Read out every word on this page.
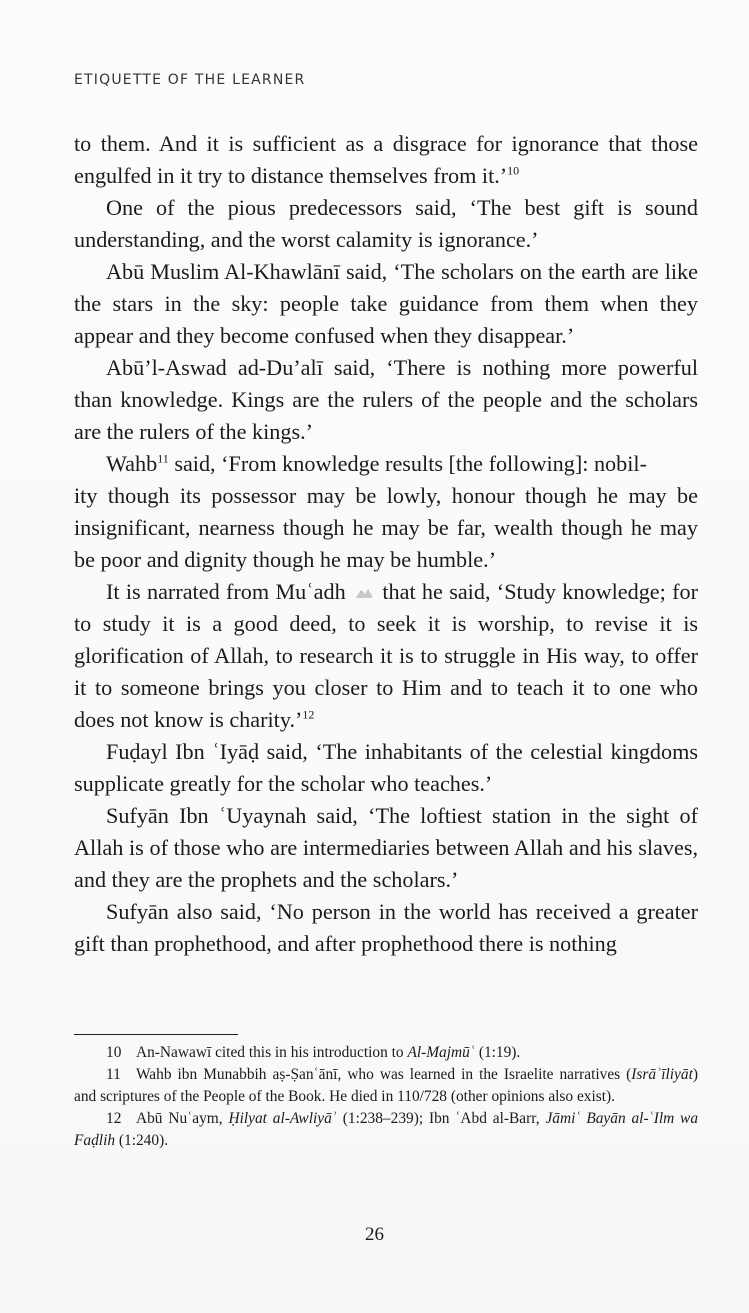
ETIQUETTE OF THE LEARNER

to them. And it is sufficient as a disgrace for ignorance that those engulfed in it try to distance themselves from it.’$^{10}$

One of the pious predecessors said, ‘The best gift is sound understanding, and the worst calamity is ignorance.’

Abū Muslim Al-Khawlānī said, ‘The scholars on the earth are like the stars in the sky: people take guidance from them when they appear and they become confused when they disappear.’

Abū’l-Aswad ad-Du’alī said, ‘There is nothing more powerful than knowledge. Kings are the rulers of the people and the scholars are the rulers of the kings.’

Wahb$^{11}$ said, ‘From knowledge results [the following]: nobil-
ity though its possessor may be lowly, honour though he may be insignificant, nearness though he may be far, wealth though he may be poor and dignity though he may be humble.’

It is narrated from Muʿadh that he said, ‘Study knowledge; for to study it is a good deed, to seek it is worship, to revise it is glorification of Allah, to research it is to struggle in His way, to offer it to someone brings you closer to Him and to teach it to one who does not know is charity.’$^{12}$

Fuḍayl Ibn ʿIyāḍ said, ‘The inhabitants of the celestial kingdoms supplicate greatly for the scholar who teaches.’

Sufyān Ibn ʿUyaynah said, ‘The loftiest station in the sight of Allah is of those who are intermediaries between Allah and his slaves, and they are the prophets and the scholars.’

Sufyān also said, ‘No person in the world has received a greater gift than prophethood, and after prophethood there is nothing

10 An-Nawawī cited this in his introduction to Al-Majmūʿ (1:19).

11 Wahb ibn Munabbih aṣ-Ṣanʿānī, who was learned in the Israelite narratives (Isrāʾīliyāt) and scriptures of the People of the Book. He died in 110/728 (other opinions also exist).

12 Abū Nuʿaym, Ḥilyat al-Awliyāʾ (1:238–239); Ibn ʿAbd al-Barr, Jāmiʿ Bayān al-ʿIlm wa Faḍlih (1:240).

26
